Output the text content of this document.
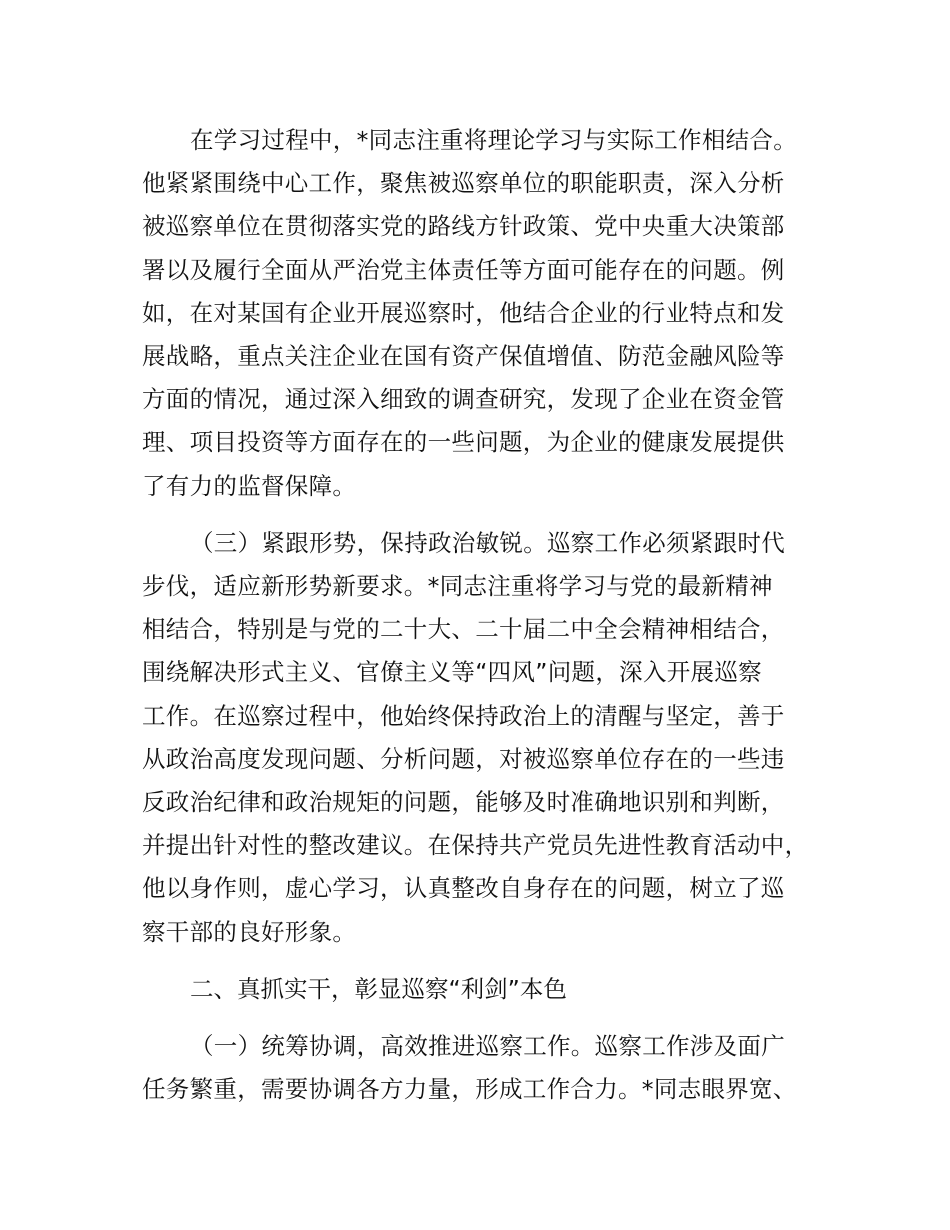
在学习过程中，*同志注重将理论学习与实际工作相结合。
他紧紧围绕中心工作，聚焦被巡察单位的职能职责，深入分析
被巡察单位在贯彻落实党的路线方针政策、党中央重大决策部
署以及履行全面从严治党主体责任等方面可能存在的问题。例
如，在对某国有企业开展巡察时，他结合企业的行业特点和发
展战略，重点关注企业在国有资产保值增值、防范金融风险等
方面的情况，通过深入细致的调查研究，发现了企业在资金管
理、项目投资等方面存在的一些问题，为企业的健康发展提供
了有力的监督保障。
（三）紧跟形势，保持政治敏锐。巡察工作必须紧跟时代
步伐，适应新形势新要求。*同志注重将学习与党的最新精神
相结合，特别是与党的二十大、二十届二中全会精神相结合，
围绕解决形式主义、官僚主义等“四风”问题，深入开展巡察
工作。在巡察过程中，他始终保持政治上的清醒与坚定，善于
从政治高度发现问题、分析问题，对被巡察单位存在的一些违
反政治纪律和政治规矩的问题，能够及时准确地识别和判断，
并提出针对性的整改建议。在保持共产党员先进性教育活动中，
他以身作则，虚心学习，认真整改自身存在的问题，树立了巡
察干部的良好形象。
二、真抓实干，彰显巡察“利剑”本色
（一）统筹协调，高效推进巡察工作。巡察工作涉及面广
任务繁重，需要协调各方力量，形成工作合力。*同志眼界宽、
